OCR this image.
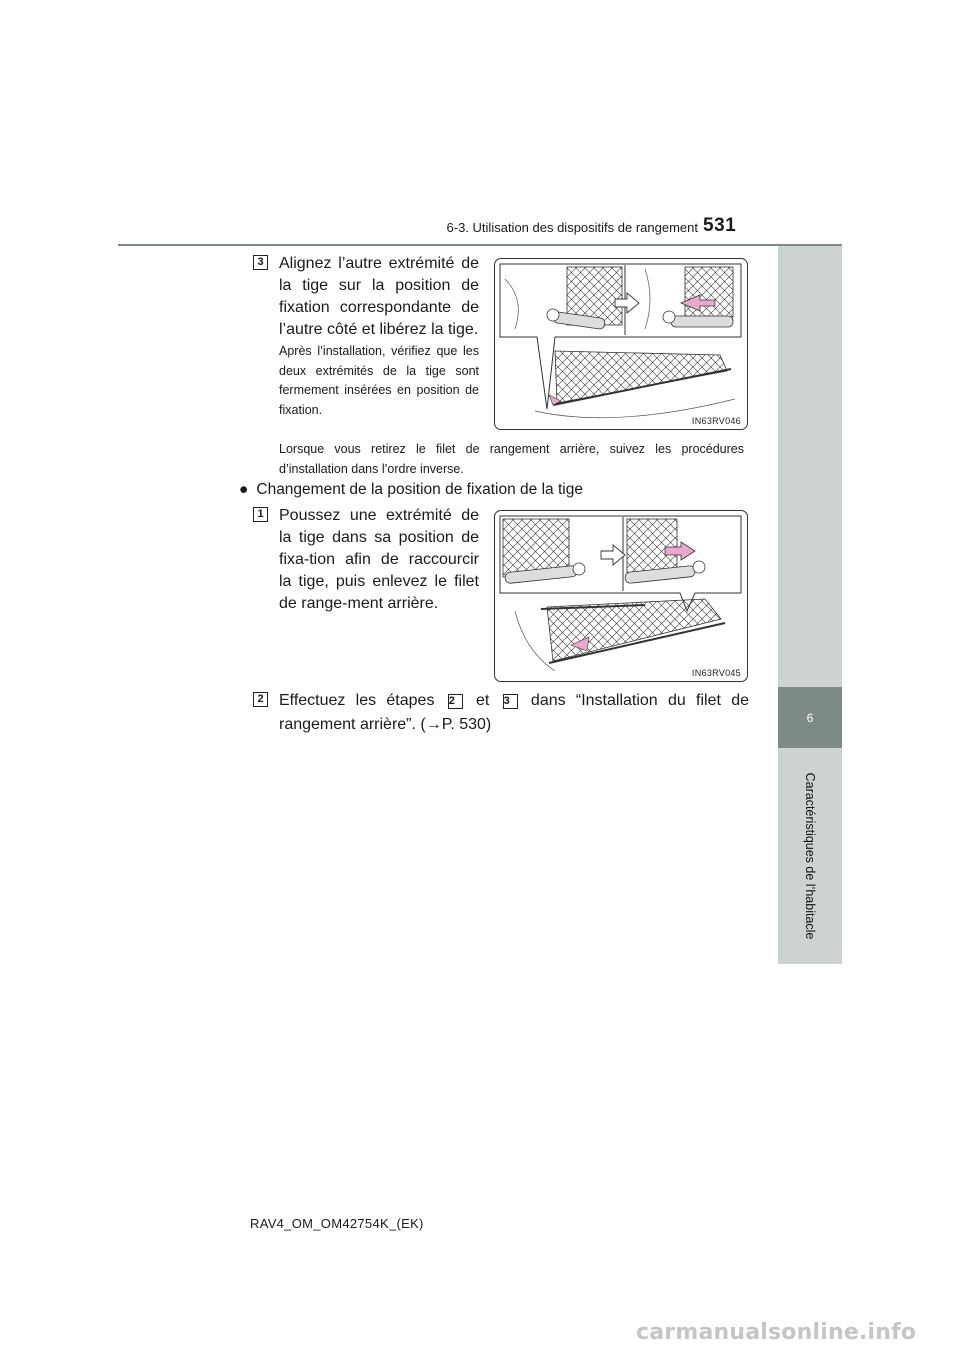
6-3. Utilisation des dispositifs de rangement 531
6
Caractéristiques de l’habitacle
3 Alignez l’autre extrémité de la tige sur la position de fixation correspondante de l’autre côté et libérez la tige.
Après l’installation, vérifiez que les deux extrémités de la tige sont fermement insérées en position de fixation.
IN63RV046
Lorsque vous retirez le filet de rangement arrière, suivez les procédures d’installation dans l’ordre inverse.
● Changement de la position de fixation de la tige
1 Poussez une extrémité de la tige dans sa position de fixa-tion afin de raccourcir la tige, puis enlevez le filet de range-ment arrière.
IN63RV045
2 Effectuez les étapes 2 et 3 dans “Installation du filet de rangement arrière”. (→P. 530)
RAV4_OM_OM42754K_(EK)
carmanualsonline.info
